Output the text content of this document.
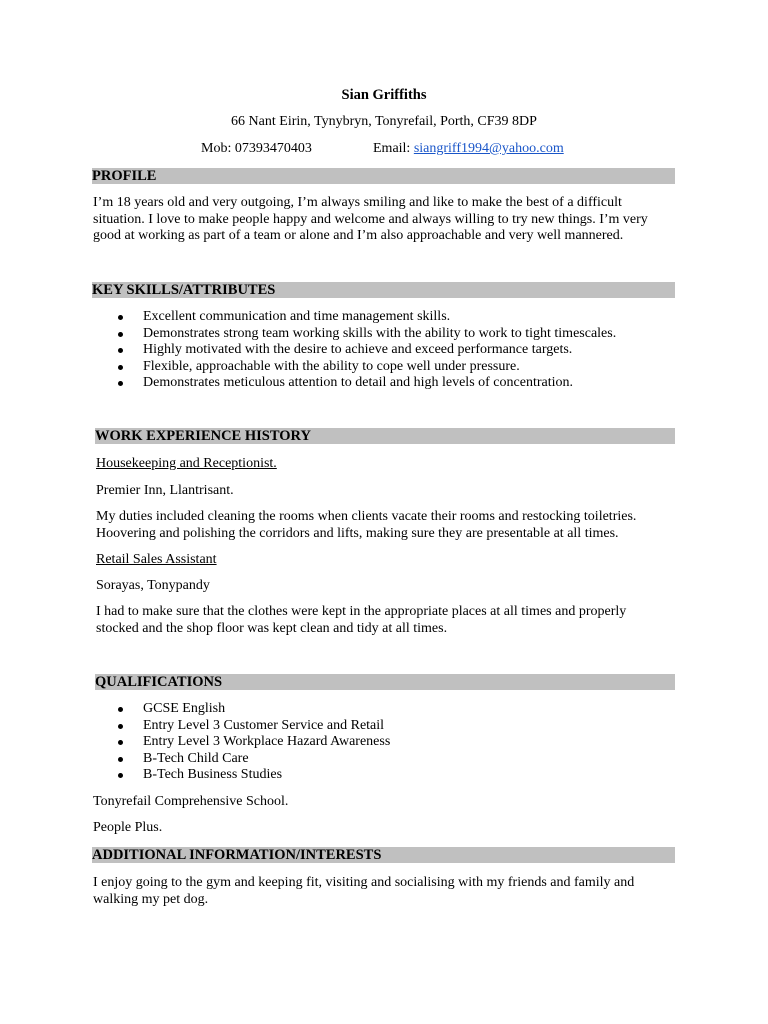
Sian Griffiths
66 Nant Eirin, Tynybryn, Tonyrefail, Porth, CF39 8DP
Mob: 07393470403	Email: siangriff1994@yahoo.com
PROFILE
I’m 18 years old and very outgoing, I’m always smiling and like to make the best of a difficult situation. I love to make people happy and welcome and always willing to try new things. I’m very good at working as part of a team or alone and I’m also approachable and very well mannered.
KEY SKILLS/ATTRIBUTES
Excellent communication and time management skills.
Demonstrates strong team working skills with the ability to work to tight timescales.
Highly motivated with the desire to achieve and exceed performance targets.
Flexible, approachable with the ability to cope well under pressure.
Demonstrates meticulous attention to detail and high levels of concentration.
WORK EXPERIENCE HISTORY
Housekeeping and Receptionist.
Premier Inn, Llantrisant.
My duties included cleaning the rooms when clients vacate their rooms and restocking toiletries. Hoovering and polishing the corridors and lifts, making sure they are presentable at all times.
Retail Sales Assistant
Sorayas, Tonypandy
I had to make sure that the clothes were kept in the appropriate places at all times and properly stocked and the shop floor was kept clean and tidy at all times.
QUALIFICATIONS
GCSE English
Entry Level 3 Customer Service and Retail
Entry Level 3 Workplace Hazard Awareness
B-Tech Child Care
B-Tech Business Studies
Tonyrefail Comprehensive School.
People Plus.
ADDITIONAL INFORMATION/INTERESTS
I enjoy going to the gym and keeping fit, visiting and socialising with my friends and family and walking my pet dog.
